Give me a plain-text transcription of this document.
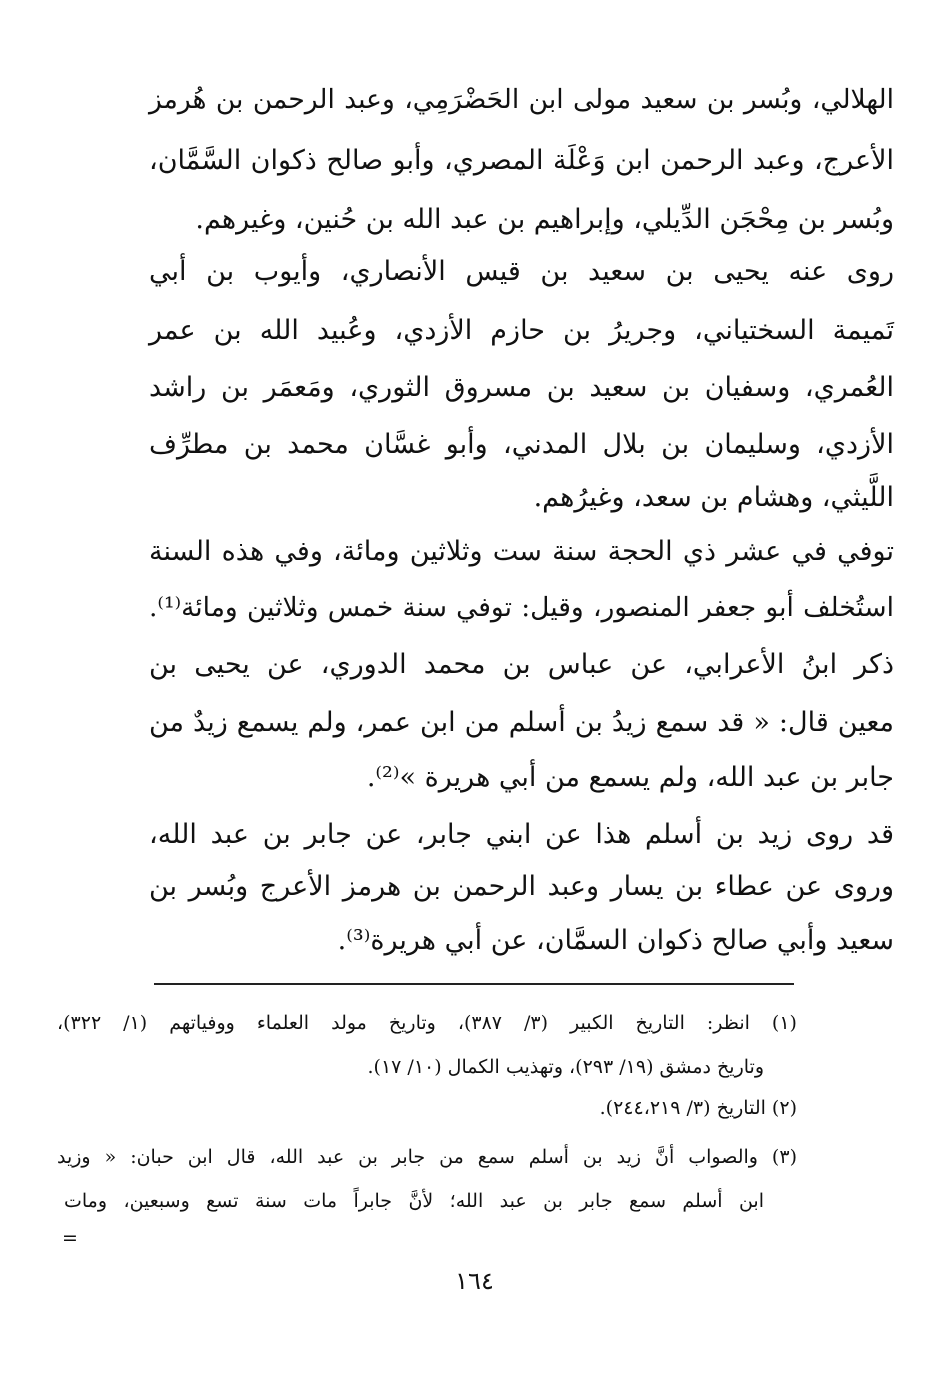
الهلالي، وبُسر بن سعيد مولى ابن الحَضْرَمِي، وعبد الرحمن بن هُرمز
الأعرج، وعبد الرحمن ابن وَعْلَة المصري، وأبو صالح ذكوان السَّمَّان،
وبُسر بن مِحْجَن الدِّيلي، وإبراهيم بن عبد الله بن حُنين، وغيرهم.
روى عنه يحيى بن سعيد بن قيس الأنصاري، وأيوب بن أبي
تَميمة السختياني، وجريرُ بن حازم الأزدي، وعُبيد الله بن عمر
العُمري، وسفيان بن سعيد بن مسروق الثوري، ومَعمَر بن راشد
الأزدي، وسليمان بن بلال المدني، وأبو غسَّان محمد بن مطرِّف
اللَّيثي، وهشام بن سعد، وغيرُهم.
توفي في عشر ذي الحجة سنة ست وثلاثين ومائة، وفي هذه السنة
استُخلف أبو جعفر المنصور، وقيل: توفي سنة خمس وثلاثين ومائة⁽¹⁾.
ذكر ابنُ الأعرابي، عن عباس بن محمد الدوري، عن يحيى بن
معين قال: « قد سمع زيدُ بن أسلم من ابن عمر، ولم يسمع زيدٌ من
جابر بن عبد الله، ولم يسمع من أبي هريرة »⁽²⁾.
قد روى زيد بن أسلم هذا عن ابني جابر، عن جابر بن عبد الله،
وروى عن عطاء بن يسار وعبد الرحمن بن هرمز الأعرج وبُسر بن
سعيد وأبي صالح ذكوان السمَّان، عن أبي هريرة⁽³⁾.
(١) انظر: التاريخ الكبير (٣/ ٣٨٧)، وتاريخ مولد العلماء ووفياتهم (١/ ٣٢٢)،
وتاريخ دمشق (١٩/ ٢٩٣)، وتهذيب الكمال (١٠/ ١٧).
(٢) التاريخ (٣/ ٢٤٤،٢١٩).
(٣) والصواب أنَّ زيد بن أسلم سمع من جابر بن عبد الله، قال ابن حبان: « وزيد
ابن أسلم سمع جابر بن عبد الله؛ لأنَّ جابراً مات سنة تسع وسبعين، ومات
=
١٦٤
